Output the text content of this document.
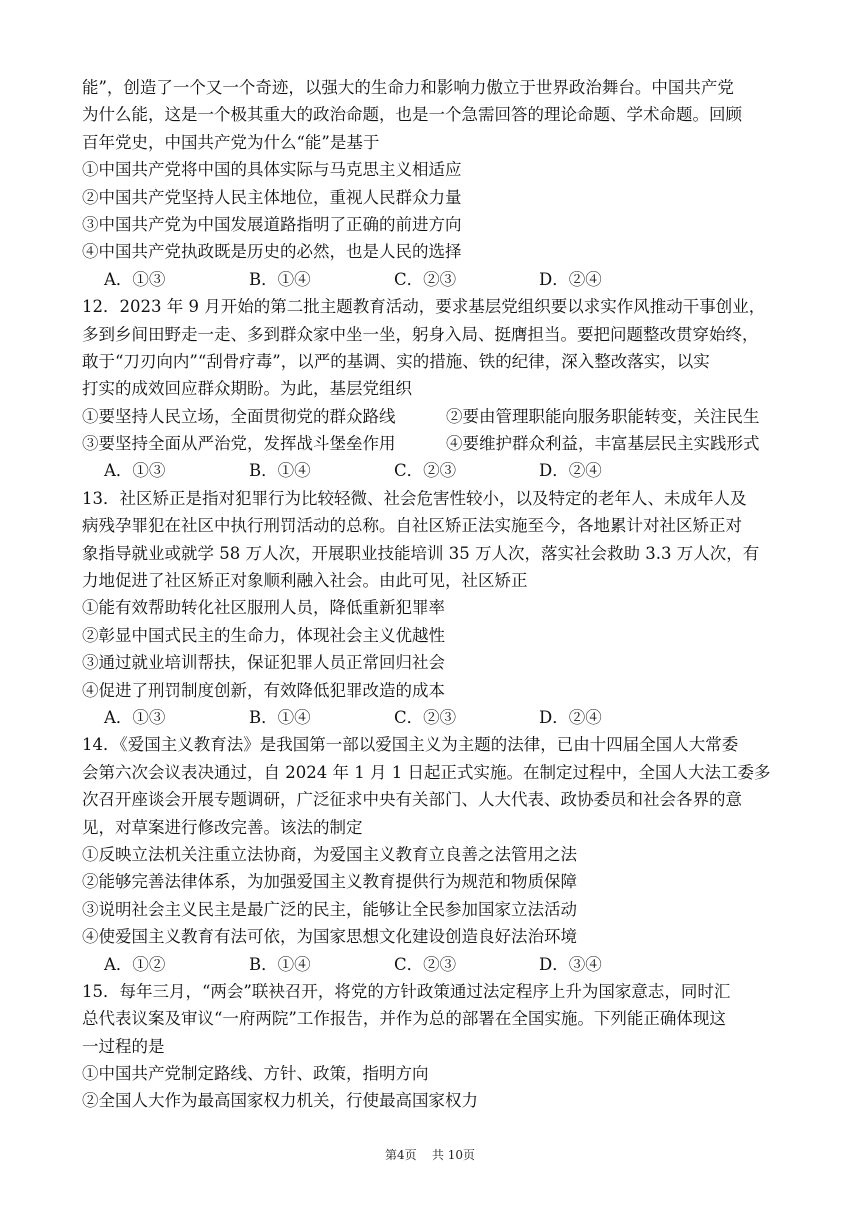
能”，创造了一个又一个奇迹，以强大的生命力和影响力傲立于世界政治舞台。中国共产党
为什么能，这是一个极其重大的政治命题，也是一个急需回答的理论命题、学术命题。回顾
百年党史，中国共产党为什么“能”是基于
①中国共产党将中国的具体实际与马克思主义相适应
②中国共产党坚持人民主体地位，重视人民群众力量
③中国共产党为中国发展道路指明了正确的前进方向
④中国共产党执政既是历史的必然，也是人民的选择
A．①③	B．①④	C．②③	D．②④
12．2023 年 9 月开始的第二批主题教育活动，要求基层党组织要以求实作风推动干事创业，
多到乡间田野走一走、多到群众家中坐一坐，躬身入局、挺膺担当。要把问题整改贯穿始终，
敢于“刀刃向内”“刮骨疗毒”，以严的基调、实的措施、铁的纪律，深入整改落实，以实
打实的成效回应群众期盼。为此，基层党组织
①要坚持人民立场，全面贯彻党的群众路线	②要由管理职能向服务职能转变，关注民生
③要坚持全面从严治党，发挥战斗堡垒作用	④要维护群众利益，丰富基层民主实践形式
A．①③	B．①④	C．②③	D．②④
13．社区矫正是指对犯罪行为比较轻微、社会危害性较小，以及特定的老年人、未成年人及
病残孕罪犯在社区中执行刑罚活动的总称。自社区矫正法实施至今，各地累计对社区矫正对
象指导就业或就学 58 万人次，开展职业技能培训 35 万人次，落实社会救助 3.3 万人次，有
力地促进了社区矫正对象顺利融入社会。由此可见，社区矫正
①能有效帮助转化社区服刑人员，降低重新犯罪率
②彰显中国式民主的生命力，体现社会主义优越性
③通过就业培训帮扶，保证犯罪人员正常回归社会
④促进了刑罚制度创新，有效降低犯罪改造的成本
A．①③	B．①④	C．②③	D．②④
14．《爱国主义教育法》是我国第一部以爱国主义为主题的法律，已由十四届全国人大常委
会第六次会议表决通过，自 2024 年 1 月 1 日起正式实施。在制定过程中，全国人大法工委多
次召开座谈会开展专题调研，广泛征求中央有关部门、人大代表、政协委员和社会各界的意
见，对草案进行修改完善。该法的制定
①反映立法机关注重立法协商，为爱国主义教育立良善之法管用之法
②能够完善法律体系，为加强爱国主义教育提供行为规范和物质保障
③说明社会主义民主是最广泛的民主，能够让全民参加国家立法活动
④使爱国主义教育有法可依，为国家思想文化建设创造良好法治环境
A．①②	B．①④	C．②③	D．③④
15．每年三月，“两会”联袂召开，将党的方针政策通过法定程序上升为国家意志，同时汇
总代表议案及审议“一府两院”工作报告，并作为总的部署在全国实施。下列能正确体现这
一过程的是
①中国共产党制定路线、方针、政策，指明方向
②全国人大作为最高国家权力机关，行使最高国家权力
第4页 共 10页
